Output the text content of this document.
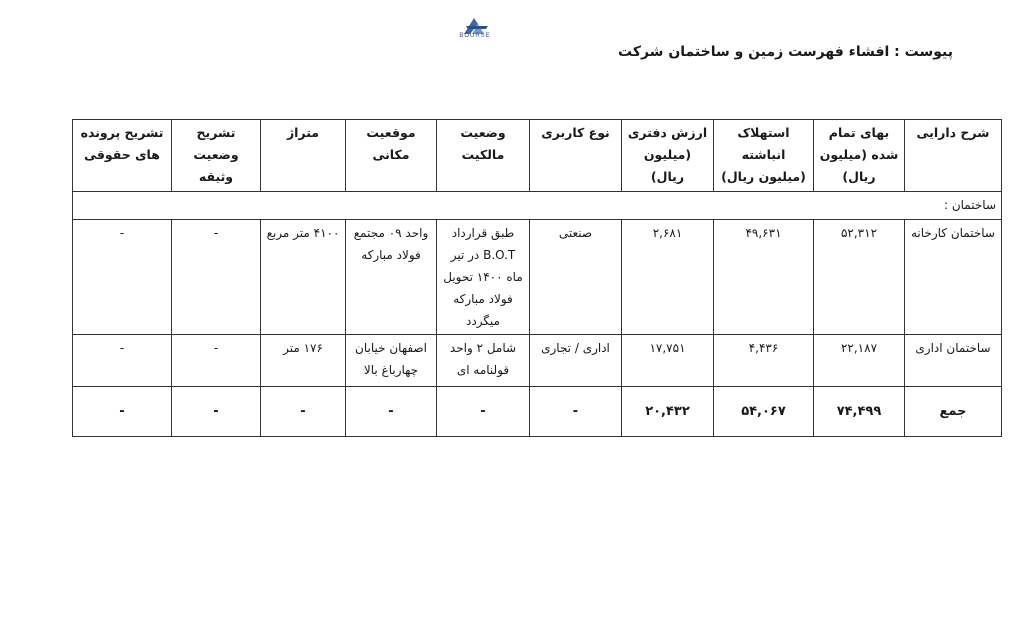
BOURSE
پیوست : افشاء فهرست زمین و ساختمان شرکت
شرح دارایی	بهای تمام شده (میلیون ریال)	استهلاک انباشته (میلیون ریال)	ارزش دفتری (میلیون ریال)	نوع کاربری	وضعیت مالکیت	موقعیت مکانی	متراژ	تشریح وضعیت وثیقه	تشریح پرونده های حقوقی
ساختمان :									
ساختمان کارخانه	۵۲,۳۱۲	۴۹,۶۳۱	۲,۶۸۱	صنعتی	طبق قرارداد B.O.T در تیر ماه ۱۴۰۰ تحویل فولاد مبارکه میگردد	واحد ۰۹ مجتمع فولاد مبارکه	۴۱۰۰ متر مربع	-	-
ساختمان اداری	۲۲,۱۸۷	۴,۴۳۶	۱۷,۷۵۱	اداری / تجاری	شامل ۲ واحد قولنامه ای	اصفهان خیابان چهارباغ بالا	۱۷۶ متر	-	-
جمع	۷۴,۴۹۹	۵۴,۰۶۷	۲۰,۴۳۲	-	-	-	-	-	-
